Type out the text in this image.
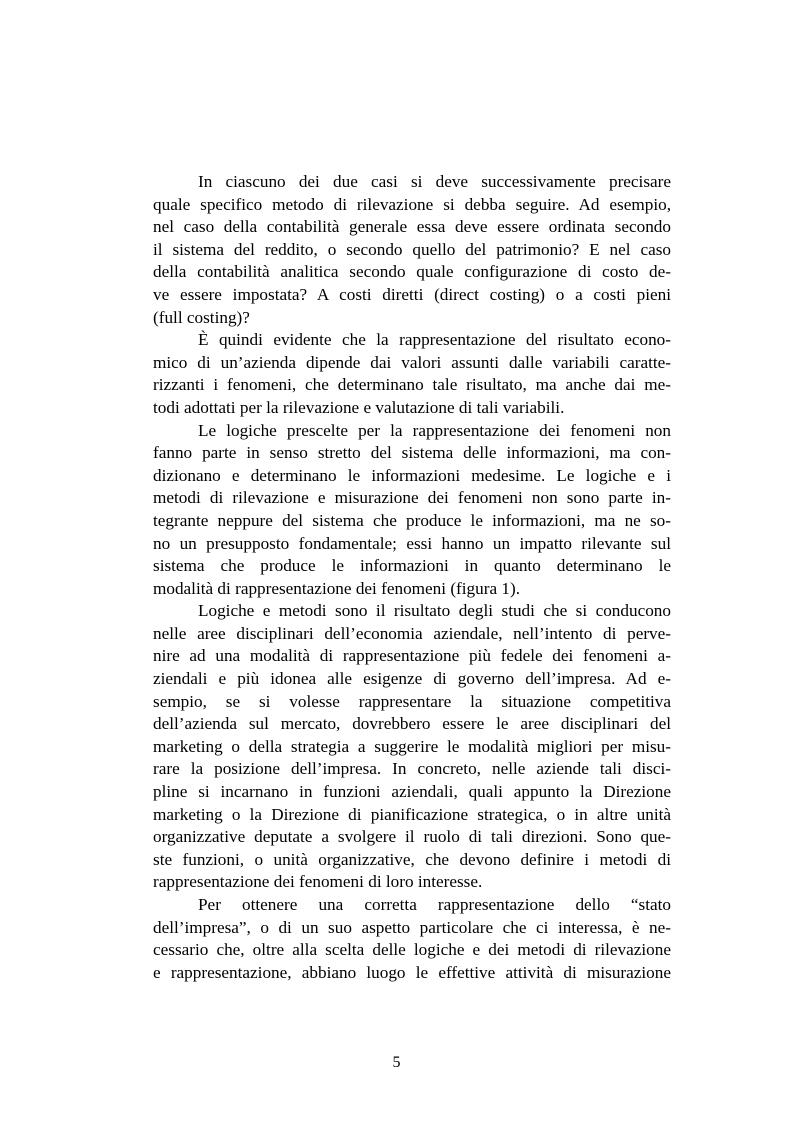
In ciascuno dei due casi si deve successivamente precisare
quale specifico metodo di rilevazione si debba seguire. Ad esempio,
nel caso della contabilità generale essa deve essere ordinata secondo
il sistema del reddito, o secondo quello del patrimonio? E nel caso
della contabilità analitica secondo quale configurazione di costo de-
ve essere impostata? A costi diretti (direct costing) o a costi pieni
(full costing)?
È quindi evidente che la rappresentazione del risultato econo-
mico di un’azienda dipende dai valori assunti dalle variabili caratte-
rizzanti i fenomeni, che determinano tale risultato, ma anche dai me-
todi adottati per la rilevazione e valutazione di tali variabili.
Le logiche prescelte per la rappresentazione dei fenomeni non
fanno parte in senso stretto del sistema delle informazioni, ma con-
dizionano e determinano le informazioni medesime. Le logiche e i
metodi di rilevazione e misurazione dei fenomeni non sono parte in-
tegrante neppure del sistema che produce le informazioni, ma ne so-
no un presupposto fondamentale; essi hanno un impatto rilevante sul
sistema che produce le informazioni in quanto determinano le
modalità di rappresentazione dei fenomeni (figura 1).
Logiche e metodi sono il risultato degli studi che si conducono
nelle aree disciplinari dell’economia aziendale, nell’intento di perve-
nire ad una modalità di rappresentazione più fedele dei fenomeni a-
ziendali e più idonea alle esigenze di governo dell’impresa. Ad e-
sempio, se si volesse rappresentare la situazione competitiva
dell’azienda sul mercato, dovrebbero essere le aree disciplinari del
marketing o della strategia a suggerire le modalità migliori per misu-
rare la posizione dell’impresa. In concreto, nelle aziende tali disci-
pline si incarnano in funzioni aziendali, quali appunto la Direzione
marketing o la Direzione di pianificazione strategica, o in altre unità
organizzative deputate a svolgere il ruolo di tali direzioni. Sono que-
ste funzioni, o unità organizzative, che devono definire i metodi di
rappresentazione dei fenomeni di loro interesse.
Per ottenere una corretta rappresentazione dello “stato
dell’impresa”, o di un suo aspetto particolare che ci interessa, è ne-
cessario che, oltre alla scelta delle logiche e dei metodi di rilevazione
e rappresentazione, abbiano luogo le effettive attività di misurazione
5
